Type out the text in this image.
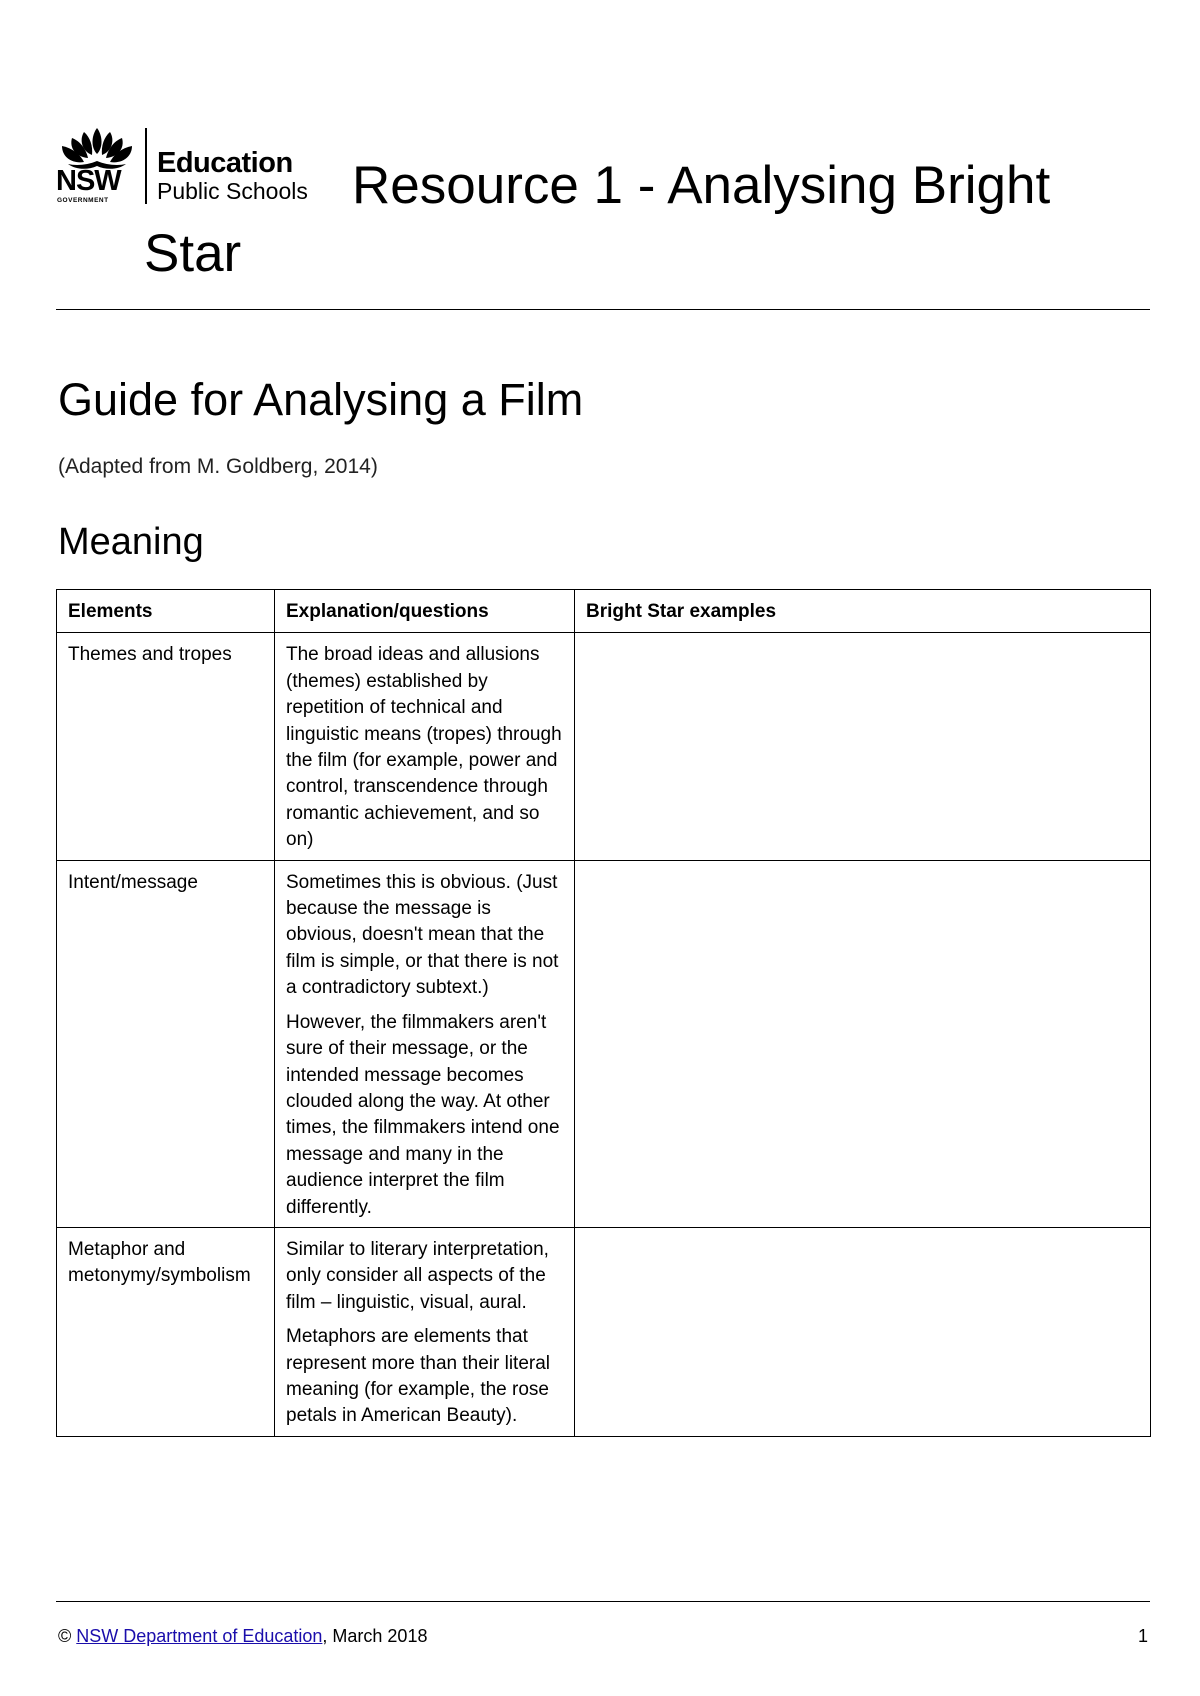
NSW
GOVERNMENT
Education
Public Schools Resource 1 - Analysing Bright
Star
Guide for Analysing a Film
(Adapted from M. Goldberg, 2014)
Meaning
Elements	Explanation/questions	Bright Star examples
Themes and tropes	The broad ideas and allusions (themes) established by repetition of technical and linguistic means (tropes) through the film (for example, power and control, transcendence through romantic achievement, and so on)	

Intent/message	Sometimes this is obvious. (Just because the message is obvious, doesn't mean that the film is simple, or that there is not a contradictory subtext.)

However, the filmmakers aren't sure of their message, or the intended message becomes clouded along the way. At other times, the filmmakers intend one message and many in the audience interpret the film differently.	

Metaphor and metonymy/symbolism	Similar to literary interpretation, only consider all aspects of the film – linguistic, visual, aural.

Metaphors are elements that represent more than their literal meaning (for example, the rose petals in American Beauty).	

© NSW Department of Education, March 2018	1
